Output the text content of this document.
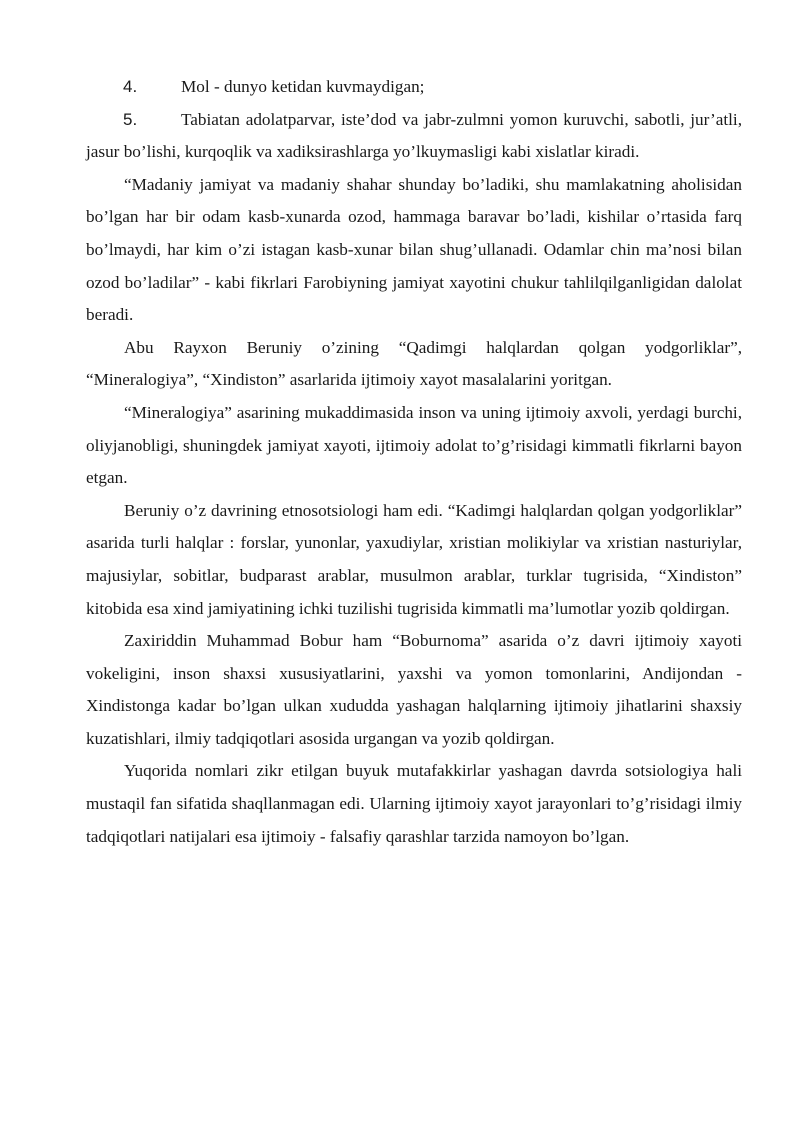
4.	Mol - dunyo ketidan kuvmaydigan;
5.	Tabiatan adolatparvar, iste’dod va jabr-zulmni yomon kuruvchi, sabotli, jur’atli, jasur bo’lishi, kurqoqlik va xadiksirashlarga yo’lkuymasligi kabi xislatlar kiradi.

“Madaniy jamiyat va madaniy shahar shunday bo’ladiki, shu mamlakatning aholisidan bo’lgan har bir odam kasb-xunarda ozod, hammaga baravar bo’ladi, kishilar o’rtasida farq bo’lmaydi, har kim o’zi istagan kasb-xunar bilan shug’ullanadi. Odamlar chin ma’nosi bilan ozod bo’ladilar” - kabi fikrlari Farobiyning jamiyat xayotini chukur tahlilqilganligidan dalolat beradi.

Abu Rayxon Beruniy o’zining “Qadimgi halqlardan qolgan yodgorliklar”, “Mineralogiya”, “Xindiston” asarlarida ijtimoiy xayot masalalarini yoritgan.

“Mineralogiya” asarining mukaddimasida inson va uning ijtimoiy axvoli, yerdagi burchi, oliyjanobligi, shuningdek jamiyat xayoti, ijtimoiy adolat to’g’risidagi kimmatli fikrlarni bayon etgan.

Beruniy o’z davrining etnosotsiologi ham edi. “Kadimgi halqlardan qolgan yodgorliklar” asarida turli halqlar : forslar, yunonlar, yaxudiylar, xristian molikiylar va xristian nasturiylar, majusiylar, sobitlar, budparast arablar, musulmon arablar, turklar tugrisida, “Xindiston” kitobida esa xind jamiyatining ichki tuzilishi tugrisida kimmatli ma’lumotlar yozib qoldirgan.

Zaxiriddin Muhammad Bobur ham “Boburnoma” asarida o’z davri ijtimoiy xayoti vokeligini, inson shaxsi xususiyatlarini, yaxshi va yomon tomonlarini, Andijondan -Xindistonga kadar bo’lgan ulkan xududda yashagan halqlarning ijtimoiy jihatlarini shaxsiy kuzatishlari, ilmiy tadqiqotlari asosida urgangan va yozib qoldirgan.

Yuqorida nomlari zikr etilgan buyuk mutafakkirlar yashagan davrda sotsiologiya hali mustaqil fan sifatida shaqllanmagan edi. Ularning ijtimoiy xayot jarayonlari to’g’risidagi ilmiy tadqiqotlari natijalari esa ijtimoiy - falsafiy qarashlar tarzida namoyon bo’lgan.
